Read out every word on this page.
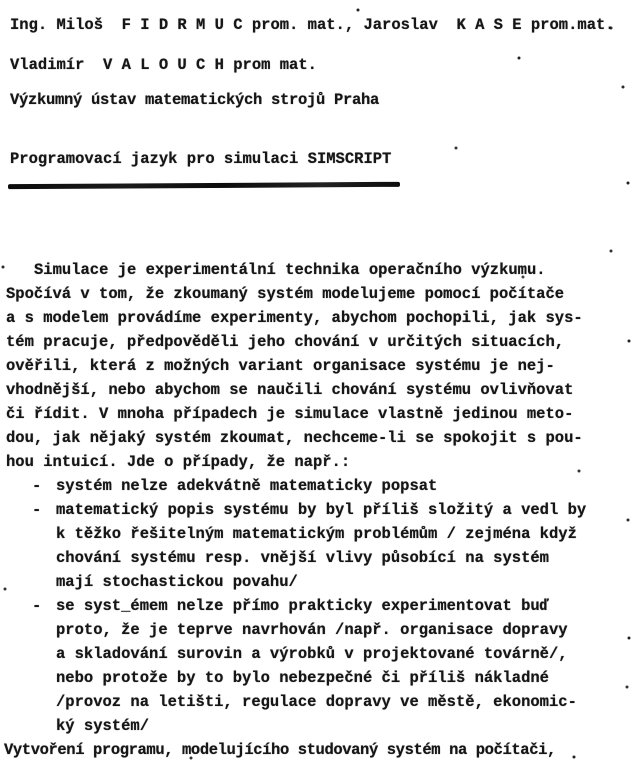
Ing. Miloš  F I D R M U C prom. mat., Jaroslav  K A S E prom.mat.
Vladimír  V A L O U C H prom mat.
Výzkumný ústav matematických strojů Praha
Programovací jazyk pro simulaci SIMSCRIPT
Simulace je experimentální technika operačního výzkumu.
Spočívá v tom, že zkoumaný systém modelujeme pomocí počítače
a s modelem provádíme experimenty, abychom pochopili, jak sys-
tém pracuje, předpověděli jeho chování v určitých situacích,
ověřili, která z možných variant organisace systému je nej-
vhodnější, nebo abychom se naučili chování systému ovlivňovat
či řídit. V mnoha případech je simulace vlastně jedinou meto-
dou, jak nějaký systém zkoumat, nechceme-li se spokojit s pou-
hou intuicí. Jde o případy, že např.:
- systém nelze adekvátně matematicky popsat
- matematický popis systému by byl příliš složitý a vedl by
k těžko řešitelným matematickým problémům / zejména když
chování systému resp. vnější vlivy působící na systém
mají stochastickou povahu/
- se syst_émem nelze přímo prakticky experimentovat buď
proto, že je teprve navrhován /např. organisace dopravy
a skladování surovin a výrobků v projektované továrně/,
nebo protože by to bylo nebezpečné či příliš nákladné
/provoz na letišti, regulace dopravy ve městě, ekonomic-
ký systém/
Vytvoření programu, modelujícího studovaný systém na počítači,
